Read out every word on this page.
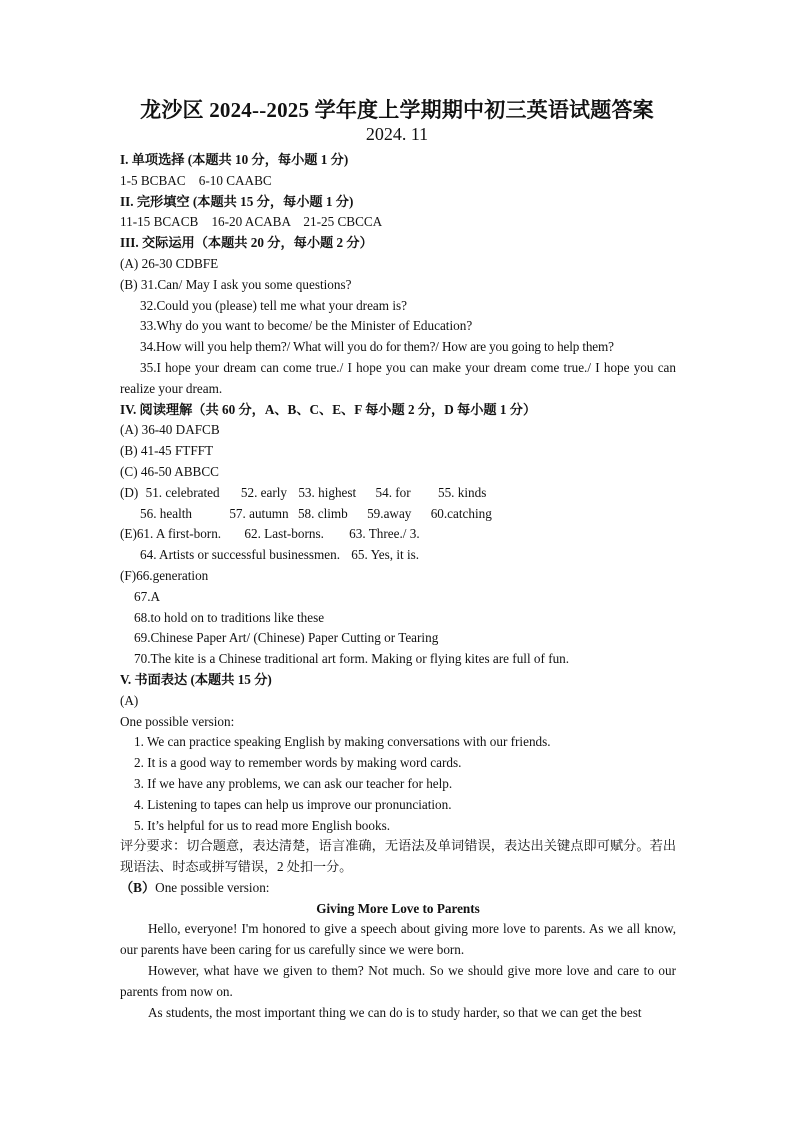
龙沙区 2024--2025 学年度上学期期中初三英语试题答案
2024. 11
I. 单项选择 (本题共 10 分，每小题 1 分)
1-5 BCBAC    6-10 CAABC
II. 完形填空 (本题共 15 分，每小题 1 分)
11-15 BCACB    16-20 ACABA    21-25 CBCCA
III. 交际运用（本题共 20 分，每小题 2 分）
(A) 26-30 CDBFE
(B) 31.Can/ May I ask you some questions?
32.Could you (please) tell me what your dream is?
33.Why do you want to become/ be the Minister of Education?
34.How will you help them?/ What will you do for them?/ How are you going to help them?
35.I hope your dream can come true./ I hope you can make your dream come true./ I hope you can realize your dream.
IV. 阅读理解（共 60 分，A、B、C、E、F 每小题 2 分，D 每小题 1 分）
(A) 36-40 DAFCB
(B) 41-45 FTFFT
(C) 46-50 ABBCC
(D) 51. celebrated 52. early 53. highest 54. for 55. kinds
56. health	57. autumn 58. climb 59.away 60.catching
(E)61. A first-born. 62. Last-borns. 63. Three./ 3.
64. Artists or successful businessmen. 65. Yes, it is.
(F)66.generation
67.A
68.to hold on to traditions like these
69.Chinese Paper Art/ (Chinese) Paper Cutting or Tearing
70.The kite is a Chinese traditional art form. Making or flying kites are full of fun.
V. 书面表达 (本题共 15 分)
(A)
One possible version:
1. We can practice speaking English by making conversations with our friends.
2. It is a good way to remember words by making word cards.
3. If we have any problems, we can ask our teacher for help.
4. Listening to tapes can help us improve our pronunciation.
5. It’s helpful for us to read more English books.
评分要求：切合题意，表达清楚，语言准确，无语法及单词错误，表达出关键点即可赋分。若出现语法、时态或拼写错误，2 处扣一分。
（B）One possible version:
Giving More Love to Parents
Hello, everyone! I'm honored to give a speech about giving more love to parents. As we all know, our parents have been caring for us carefully since we were born.
However, what have we given to them? Not much. So we should give more love and care to our parents from now on.
As students, the most important thing we can do is to study harder, so that we can get the best
